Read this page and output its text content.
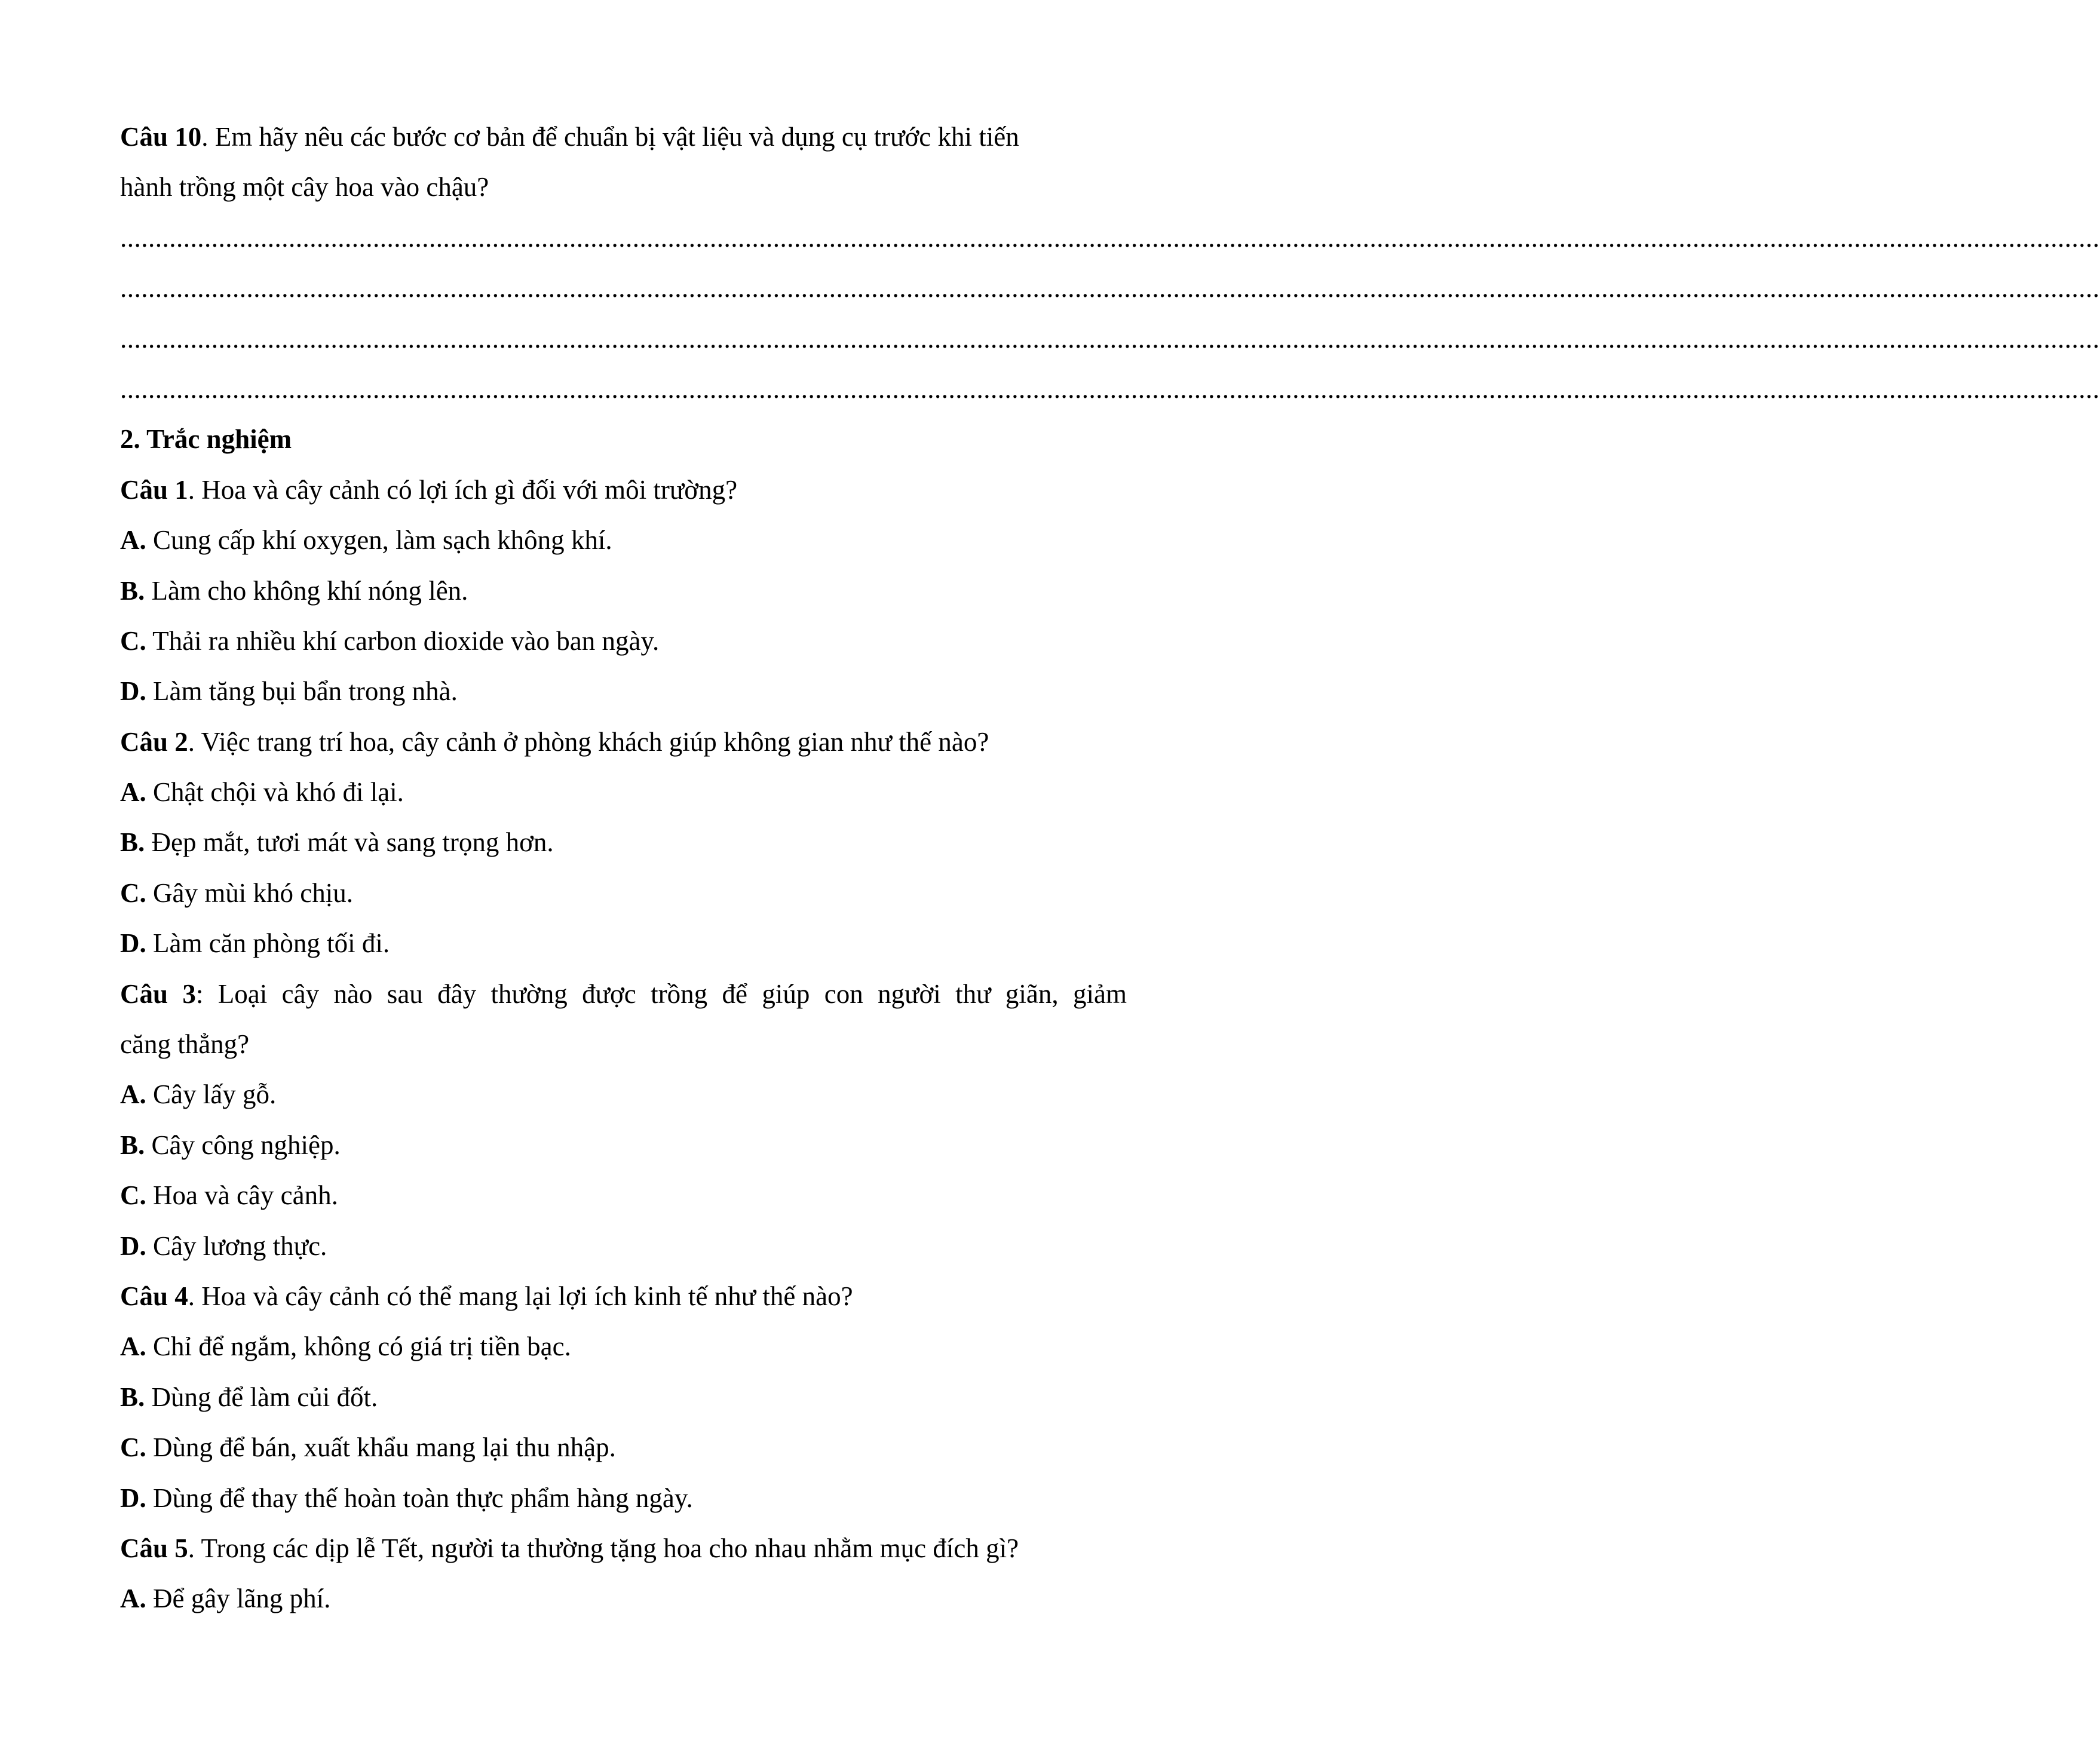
Câu 10. Em hãy nêu các bước cơ bản để chuẩn bị vật liệu và dụng cụ trước khi tiến
hành trồng một cây hoa vào chậu?
..........................................................................................................................................................................................................................................................................................
..........................................................................................................................................................................................................................................................................................
..........................................................................................................................................................................................................................................................................................
..........................................................................................................................................................................................................................................................................................
2. Trắc nghiệm
Câu 1. Hoa và cây cảnh có lợi ích gì đối với môi trường?
A. Cung cấp khí oxygen, làm sạch không khí.
B. Làm cho không khí nóng lên.
C. Thải ra nhiều khí carbon dioxide vào ban ngày.
D. Làm tăng bụi bẩn trong nhà.
Câu 2. Việc trang trí hoa, cây cảnh ở phòng khách giúp không gian như thế nào?
A. Chật chội và khó đi lại.
B. Đẹp mắt, tươi mát và sang trọng hơn.
C. Gây mùi khó chịu.
D. Làm căn phòng tối đi.
Câu 3: Loại cây nào sau đây thường được trồng để giúp con người thư giãn, giảm
căng thẳng?
A. Cây lấy gỗ.
B. Cây công nghiệp.
C. Hoa và cây cảnh.
D. Cây lương thực.
Câu 4. Hoa và cây cảnh có thể mang lại lợi ích kinh tế như thế nào?
A. Chỉ để ngắm, không có giá trị tiền bạc.
B. Dùng để làm củi đốt.
C. Dùng để bán, xuất khẩu mang lại thu nhập.
D. Dùng để thay thế hoàn toàn thực phẩm hàng ngày.
Câu 5. Trong các dịp lễ Tết, người ta thường tặng hoa cho nhau nhằm mục đích gì?
A. Để gây lãng phí.
